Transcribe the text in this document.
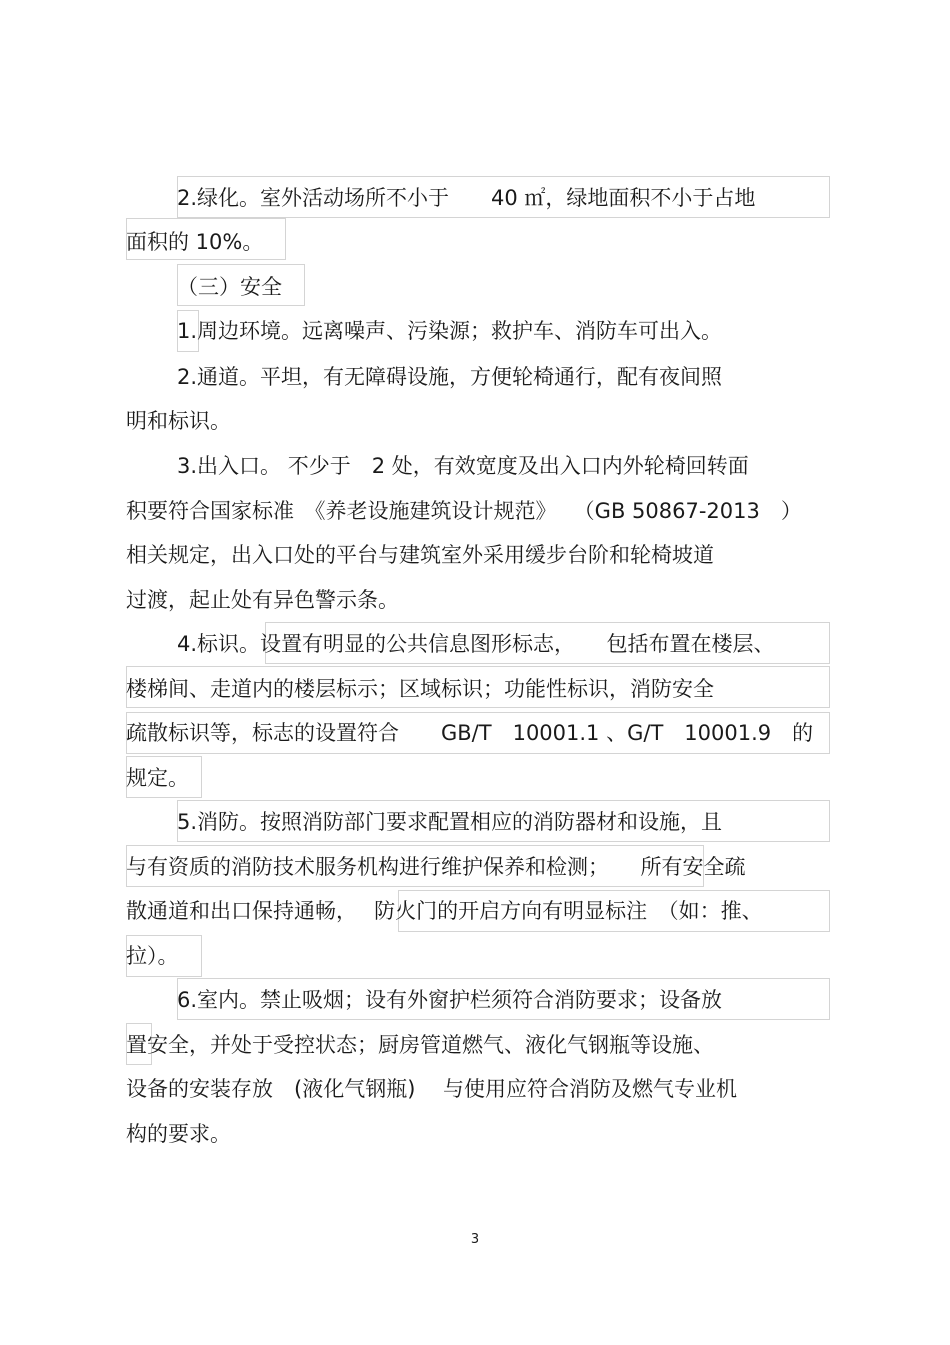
2.绿化。室外活动场所不小于　　40 ㎡，绿地面积不小于占地
面积的 10%。
（三）安全
1.周边环境。远离噪声、污染源；救护车、消防车可出入。
2.通道。平坦，有无障碍设施，方便轮椅通行，配有夜间照
明和标识。
3.出入口。 不少于　2 处，有效宽度及出入口内外轮椅回转面
积要符合国家标准　《养老设施建筑设计规范》　 （GB 50867-2013　）
相关规定，出入口处的平台与建筑室外采用缓步台阶和轮椅坡道
过渡，起止处有异色警示条。
4.标识。设置有明显的公共信息图形标志，　　包括布置在楼层、
楼梯间、走道内的楼层标示；区域标识；功能性标识，消防安全
疏散标识等，标志的设置符合　　GB/T　10001.1 、G/T　10001.9　的
规定。
5.消防。按照消防部门要求配置相应的消防器材和设施，且
与有资质的消防技术服务机构进行维护保养和检测；　　所有安全疏
散通道和出口保持通畅，　 防火门的开启方向有明显标注　（如：推、
拉）。
6.室内。禁止吸烟；设有外窗护栏须符合消防要求；设备放
置安全，并处于受控状态；厨房管道燃气、液化气钢瓶等设施、
设备的安装存放　(液化气钢瓶)　 与使用应符合消防及燃气专业机
构的要求。
3
